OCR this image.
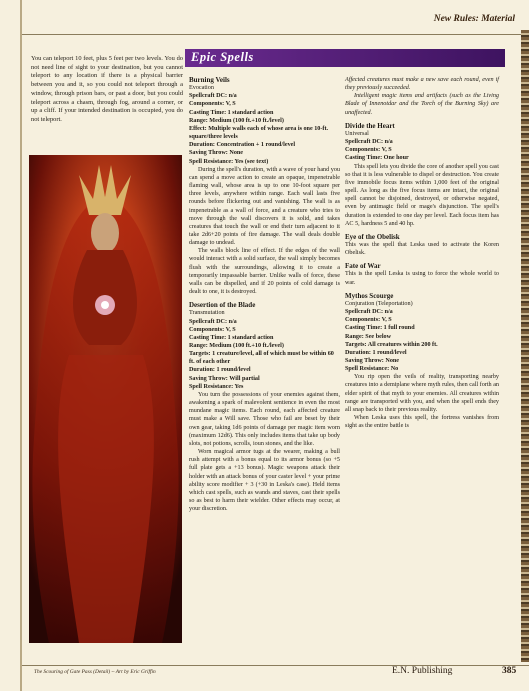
New Rules: Material
You can teleport 10 feet, plus 5 feet per two levels. You do not need line of sight to your destination, but you cannot teleport to any location if there is a physical barrier between you and it, so you could not teleport through a window, through prison bars, or past a door, but you could teleport across a chasm, through fog, around a corner, or up a cliff. If your intended destination is occupied, you do not teleport.
Epic Spells
Burning Veils
Evocation
Spellcraft DC: n/a
Components: V, S
Casting Time: 1 standard action
Range: Medium (100 ft.+10 ft./level)
Effect: Multiple walls each of whose area is one 10-ft. square/three levels
Duration: Concentration + 1 round/level
Saving Throw: None
Spell Resistance: Yes (see text)

During the spell's duration, with a wave of your hand you can spend a move action to create an opaque, impenetrable flaming wall, whose area is up to one 10-foot square per three levels, anywhere within range. Each wall lasts five rounds before flickering out and vanishing. The wall is as impenetrable as a wall of force, and a creature who tries to move through the wall discovers it is solid, and takes creatures that touch the wall or end their turn adjacent to it take 2d6+20 points of fire damage. The wall deals double damage to undead.

The walls block line of effect. If the edges of the wall would interact with a solid surface, the wall simply becomes flush with the surroundings, allowing it to create a temporarily impassable barrier. Unlike walls of force, these walls can be dispelled, and if 20 points of cold damage is dealt to one, it is destroyed.

Desertion of the Blade
Transmutation
Spellcraft DC: n/a
Components: V, S
Casting Time: 1 standard action
Range: Medium (100 ft.+10 ft./level)
Targets: 1 creature/level, all of which must be within 60 ft. of each other
Duration: 1 round/level
Saving Throw: Will partial
Spell Resistance: Yes

You turn the possessions of your enemies against them, awakening a spark of malevolent sentience in even the most mundane magic items. Each round, each affected creature must make a Will save. Those who fail are beset by their own gear, taking 1d6 points of damage per magic item worn (maximum 12d6). This only includes items that take up body slots, not potions, scrolls, ioun stones, and the like.

Worn magical armor tugs at the wearer, making a bull rush attempt with a bonus equal to its armor bonus (so +5 full plate gets a +13 bonus). Magic weapons attack their holder with an attack bonus of your caster level + your prime ability score modifier + 3 (+30 in Leska's case). Held items which cast spells, such as wands and staves, cast their spells so as best to harm their wielder. Other effects may occur, at your discretion.

Affected creatures must make a new save each round, even if they previously succeeded.

Intelligent magic items and artifacts (such as the Living Blade of Innenotdar and the Torch of the Burning Sky) are unaffected.

Divide the Heart
Universal
Spellcraft DC: n/a
Components: V, S
Casting Time: One hour

This spell lets you divide the core of another spell you cast so that it is less vulnerable to dispel or destruction. You create five immobile focus items within 1,000 feet of the original spell. As long as the five focus items are intact, the original spell cannot be disjoined, destroyed, or otherwise negated, even by antimagic field or mage's disjunction. The spell's duration is extended to one day per level. Each focus item has AC 5, hardness 5 and 40 hp.

Eye of the Obelisk

This was the spell that Leska used to activate the Koren Obelisk.

Fate of War

This is the spell Leska is using to force the whole world to war.

Mythos Scourge
Conjuration (Teleportation)
Spellcraft DC: n/a
Components: V, S
Casting Time: 1 full round
Range: See below
Targets: All creatures within 200 ft.
Duration: 1 round/level
Saving Throw: None
Spell Resistance: No

You rip open the veils of reality, transporting nearby creatures into a demiplane where myth rules, then call forth an elder spirit of that myth to your enemies. All creatures within range are transported with you, and when the spell ends they all snap back to their previous reality.

When Leska uses this spell, the fortress vanishes from sight as the entire battle is

The Scouring of Gate Pass (Detail) ~ Art by Eric Griffin	E.N. Publishing	385
